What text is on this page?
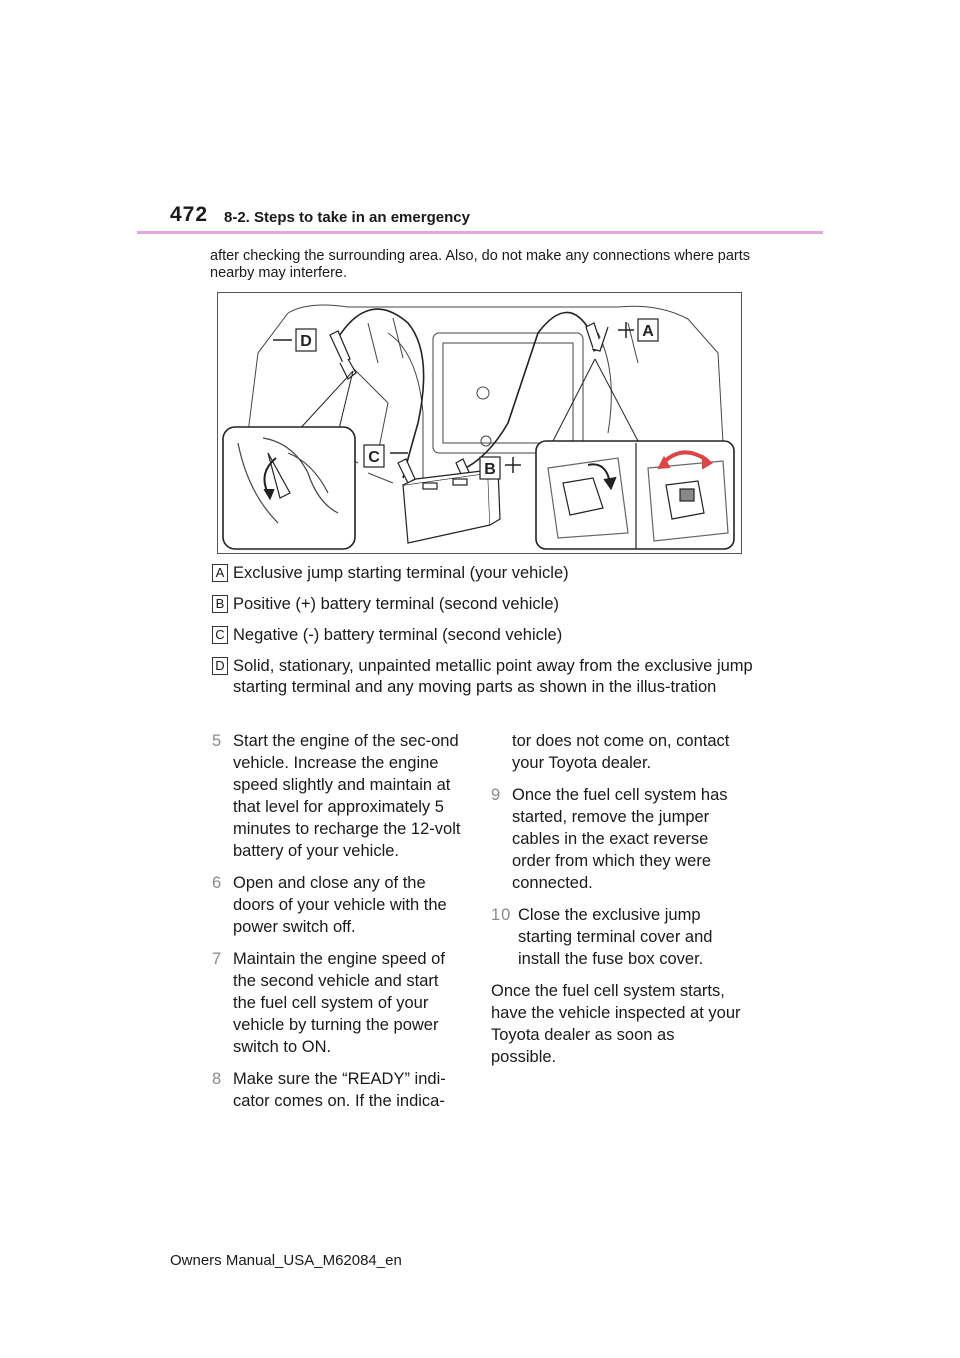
472 8-2. Steps to take in an emergency
after checking the surrounding area. Also, do not make any connections where parts nearby may interfere.
D
A
C
B
A Exclusive jump starting terminal (your vehicle)
B Positive (+) battery terminal (second vehicle)
C Negative (-) battery terminal (second vehicle)
D Solid, stationary, unpainted metallic point away from the exclusive jump starting terminal and any moving parts as shown in the illus-tration
5 Start the engine of the sec-ond vehicle. Increase the engine speed slightly and maintain at that level for approximately 5 minutes to recharge the 12-volt battery of your vehicle.
6 Open and close any of the doors of your vehicle with the power switch off.
7 Maintain the engine speed of the second vehicle and start the fuel cell system of your vehicle by turning the power switch to ON.
8 Make sure the “READY” indi-cator comes on. If the indica-
tor does not come on, contact your Toyota dealer.
9 Once the fuel cell system has started, remove the jumper cables in the exact reverse order from which they were connected.
10 Close the exclusive jump starting terminal cover and install the fuse box cover.
Once the fuel cell system starts, have the vehicle inspected at your Toyota dealer as soon as possible.
Owners Manual_USA_M62084_en
